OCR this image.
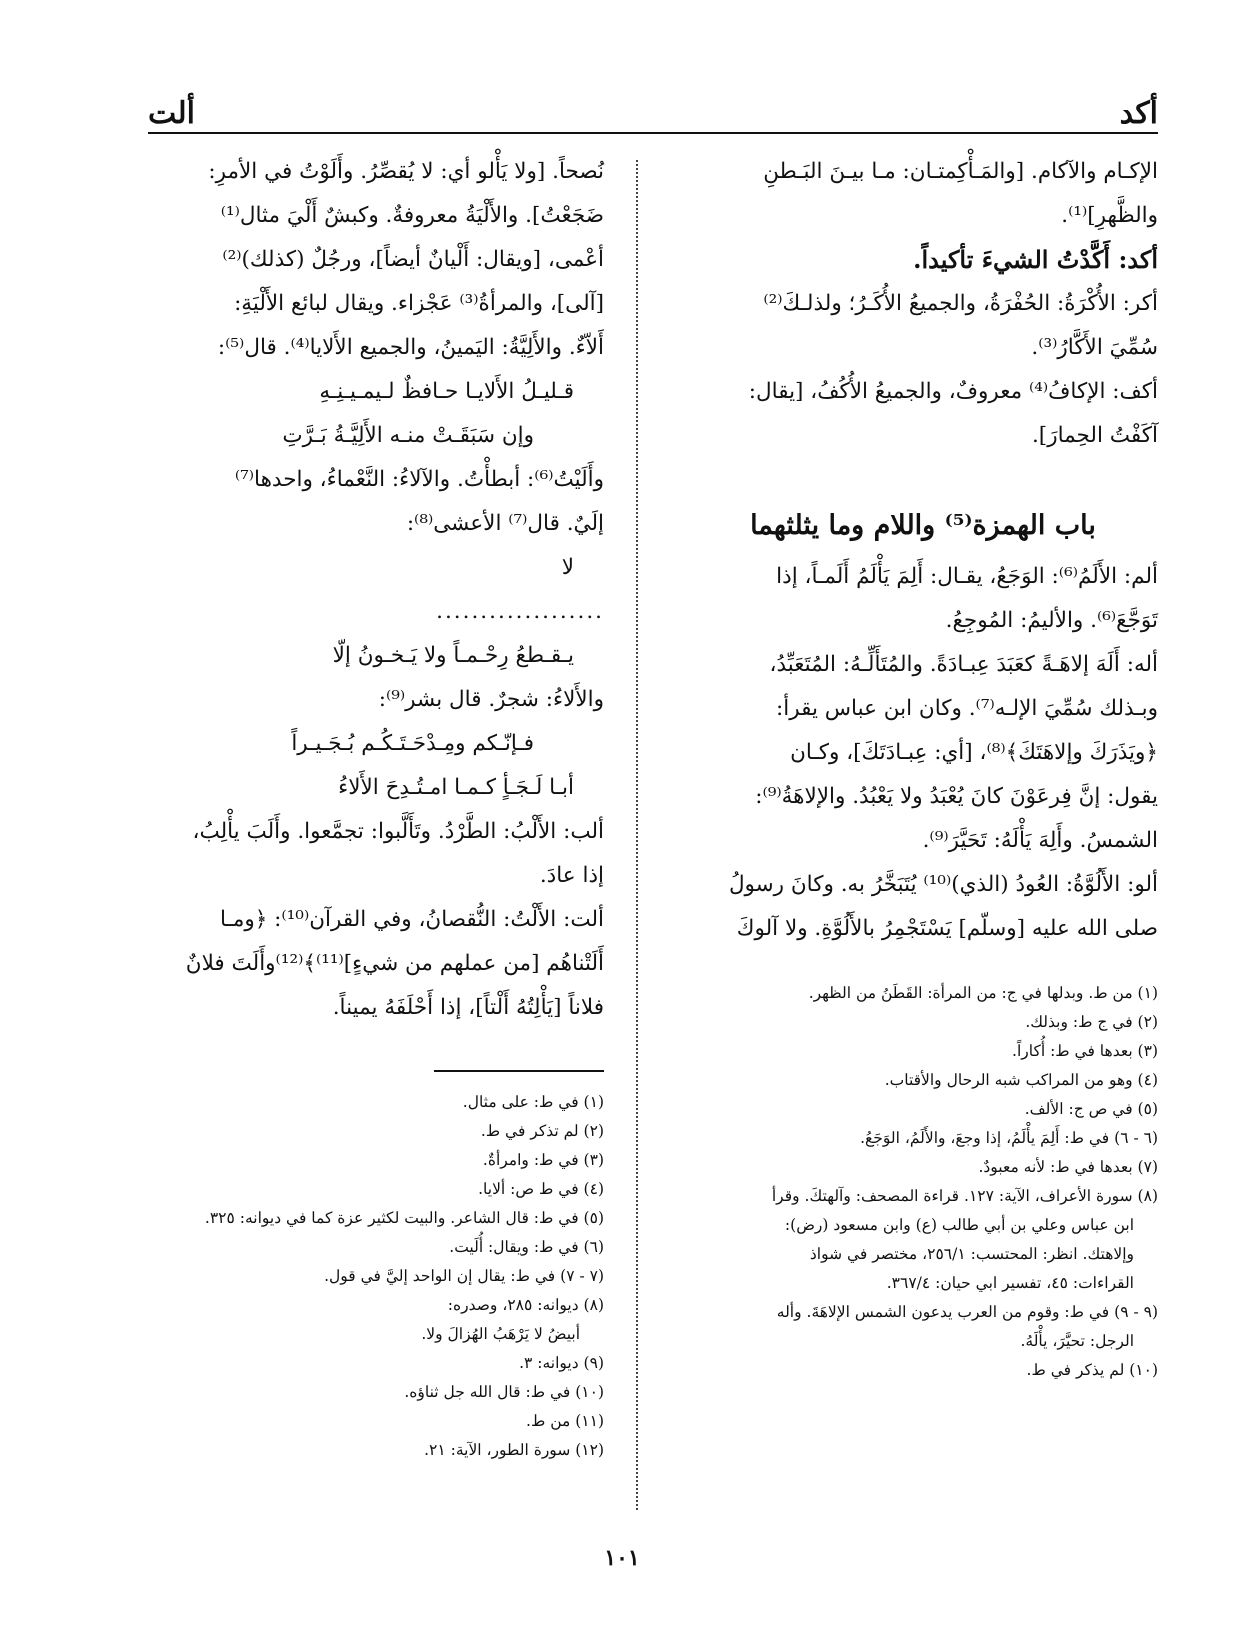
أكد
ألت

الإكـام والآكام. [والمَـأْكِمتـان: مـا بيـنَ البَـطنِ

والظَّهرِ]⁽¹⁾.

أكد: أَكَّدْتُ الشيءَ تأكيداً.

أكر: الأُكْرَةُ: الحُفْرَةُ، والجميعُ الأُكَـرُ؛ ولذلـكَ⁽²⁾

سُمِّيَ الأَكَّارُ⁽³⁾.

أكف: الإكافُ⁽⁴⁾ معروفٌ، والجميعُ الأُكُفُ، [يقال:

آكَفْتُ الحِمارَ].

باب الهمزة⁽⁵⁾ واللام وما يثلثهما

ألم: الأَلَمُ⁽⁶⁾: الوَجَعُ، يقـال: أَلِمَ يَأْلَمُ أَلَمـاً، إذا

تَوَجَّعَ⁽⁶⁾. والأليمُ: المُوجِعُ.

أله: أَلَهَ إلاهَـةً كعَبَدَ عِبـادَةً. والمُتَأَلِّـهُ: المُتَعَبِّدُ،

وبـذلك سُمِّيَ الإلـه⁽⁷⁾. وكان ابن عباس يقرأ:

﴿ويَذَرَكَ وإلاهَتَكَ﴾⁽⁸⁾، [أي: عِبـادَتَكَ]، وكـان

يقول: إنَّ فِرعَوْنَ كانَ يُعْبَدُ ولا يَعْبُدُ. والإلاهَةُ⁽⁹⁾:

الشمسُ. وأَلِهَ يَأْلَهُ: تَحَيَّرَ⁽⁹⁾.

ألو: الأَلُوَّةُ: العُودُ (الذي)⁽¹⁰⁾ يُتَبَخَّرُ به. وكانَ رسولُ

صلى الله عليه [وسلّم] يَسْتَجْمِرُ بالأَلُوَّةِ. ولا آلوكَ

(١) من ط. وبدلها في ج: من المرأة: القَطَنُ من الظهر.

(٢) في ج ط: وبذلك.

(٣) بعدها في ط: أُكاراً.

(٤) وهو من المراكب شبه الرحال والأقتاب.

(٥) في ص ج: الألف.

(٦ - ٦) في ط: أَلِمَ يأْلَمُ، إذا وجعَ، والأَلَمُ، الوَجَعُ.

(٧) بعدها في ط: لأنه معبودٌ.

(٨) سورة الأعراف، الآية: ١٢٧. قراءة المصحف: وآلهتكَ. وقرأ

ابن عباس وعلي بن أبي طالب (ع) وابن مسعود (رض):

وإلاهتك. انظر: المحتسب: ٢٥٦/١، مختصر في شواذ

القراءات: ٤٥، تفسير ابي حيان: ٣٦٧/٤.

(٩ - ٩) في ط: وقوم من العرب يدعون الشمس الإلاهَةَ. وأله

الرجل: تحيَّرَ، يأْلَهُ.

(١٠) لم يذكر في ط.

نُصحاً. [ولا يَأْلو أي: لا يُقصِّرُ. وأَلَوْتُ في الأمرِ:

ضَجَعْتُ]. والأَلْيَةُ معروفةٌ. وكبشٌ أَلْيَ مثال⁽¹⁾

أعْمى، [ويقال: أَلْيانٌ أيضاً]، ورجُلٌ (كذلك)⁽²⁾

[آلى]، والمرأةُ⁽³⁾ عَجْزاء. ويقال لبائع الأَلْيَةِ:

أَلاّءٌ. والأَلِيَّةُ: اليَمينُ، والجميع الأَلايا⁽⁴⁾. قال⁽⁵⁾:

قـليـلُ الأَلايـا حـافظٌ لـيمـيـنِـهِ

وإن سَبَقَـتْ منـه الأَلِيَّـةُ بَـرَّتِ

وأَلَيْتُ⁽⁶⁾: أبطأْتُ. والآلاءُ: النَّعْماءُ، واحدها⁽⁷⁾

إلَيٌ. قال⁽⁷⁾ الأعشى⁽⁸⁾:

لا

...................

يـقـطعُ رِحْـمـاً ولا يَـخـونُ إلّا

والأَلاءُ: شجرٌ. قال بشر⁽⁹⁾:

فـإنّـكم ومِـدْحَـتَـكُـم بُـجَـيـراً

أبـا لَـجَـأٍ كـمـا امـتُـدِحَ الأَلاءُ

ألب: الأَلْبُ: الطَّرْدُ. وتَأَلَّبوا: تجمَّعوا. وأَلَبَ يأْلِبُ،

إذا عادَ.

ألت: الأَلْتُ: النُّقصانُ، وفي القرآن⁽¹⁰⁾: ﴿ومـا

أَلَتْناهُم [من عملهم من شيءٍ]⁽¹¹⁾﴾⁽¹²⁾وأَلَتَ فلانٌ

فلاناً [يَأْلِتُهُ أَلْتاً]، إذا أَحْلَفَهُ يميناً.

(١) في ط: على مثال.

(٢) لم تذكر في ط.

(٣) في ط: وامرأةٌ.

(٤) في ط ص: ألايا.

(٥) في ط: قال الشاعر. والبيت لكثير عزة كما في ديوانه: ٣٢٥.

(٦) في ط: ويقال: أُلَيت.

(٧ - ٧) في ط: يقال إن الواحد إليَّ في قول.

(٨) ديوانه: ٢٨٥، وصدره:

أبيضُ لا يَرْهَبُ الهُزالَ ولا.

(٩) ديوانه: ٣.

(١٠) في ط: قال الله جل ثناؤه.

(١١) من ط.

(١٢) سورة الطور، الآية: ٢١.

١٠١
